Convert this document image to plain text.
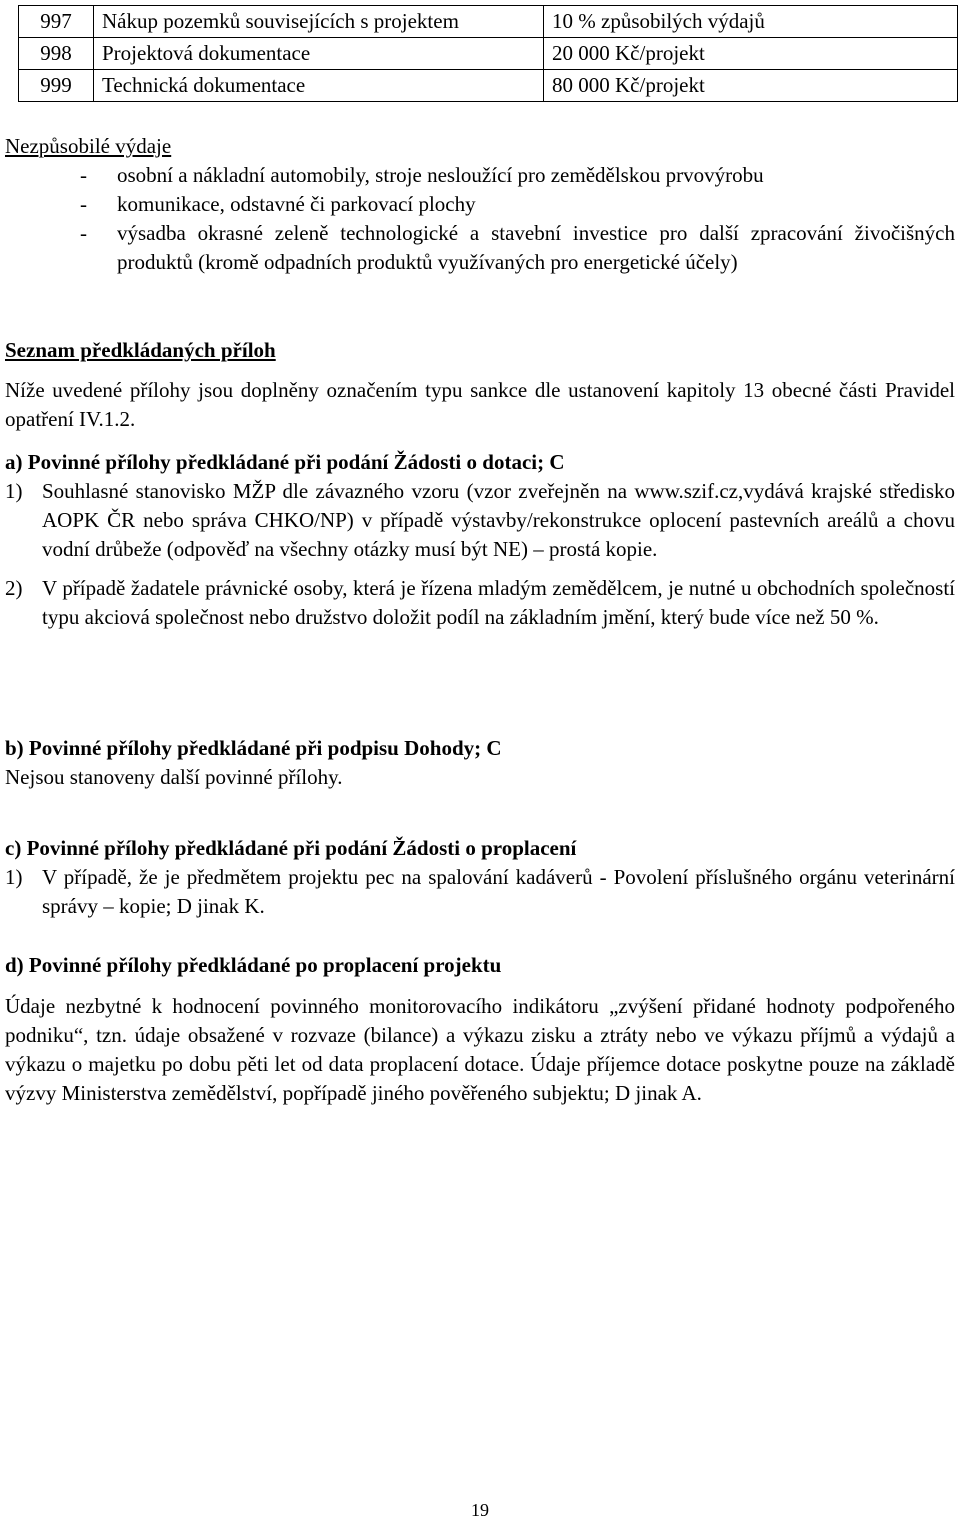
997	Nákup pozemků souvisejících s projektem	10 % způsobilých výdajů
998	Projektová dokumentace	20 000 Kč/projekt
999	Technická dokumentace	80 000 Kč/projekt
Nezpůsobilé výdaje
- osobní a nákladní automobily, stroje nesloužící pro zemědělskou prvovýrobu
- komunikace, odstavné či parkovací plochy
- výsadba okrasné zeleně technologické a stavební investice pro další zpracování živočišných produktů (kromě odpadních produktů využívaných pro energetické účely)
Seznam předkládaných příloh
Níže uvedené přílohy jsou doplněny označením typu sankce dle ustanovení kapitoly 13 obecné části Pravidel opatření IV.1.2.
a) Povinné přílohy předkládané při podání Žádosti o dotaci; C
1) Souhlasné stanovisko MŽP dle závazného vzoru (vzor zveřejněn na www.szif.cz,vydává krajské středisko AOPK ČR nebo správa CHKO/NP) v případě výstavby/rekonstrukce oplocení pastevních areálů a chovu vodní drůbeže (odpověď na všechny otázky musí být NE) – prostá kopie.
2) V případě žadatele právnické osoby, která je řízena mladým zemědělcem, je nutné u obchodních společností typu akciová společnost nebo družstvo doložit podíl na základním jmění, který bude více než 50 %.
b) Povinné přílohy předkládané při podpisu Dohody; C
Nejsou stanoveny další povinné přílohy.
c) Povinné přílohy předkládané při podání Žádosti o proplacení
1) V případě, že je předmětem projektu pec na spalování kadáverů - Povolení příslušného orgánu veterinární správy – kopie; D jinak K.
d) Povinné přílohy předkládané po proplacení projektu
Údaje nezbytné k hodnocení povinného monitorovacího indikátoru „zvýšení přidané hodnoty podpořeného podniku“, tzn. údaje obsažené v rozvaze (bilance) a výkazu zisku a ztráty nebo ve výkazu příjmů a výdajů a výkazu o majetku po dobu pěti let od data proplacení dotace. Údaje příjemce dotace poskytne pouze na základě výzvy Ministerstva zemědělství, popřípadě jiného pověřeného subjektu; D jinak A.
19
